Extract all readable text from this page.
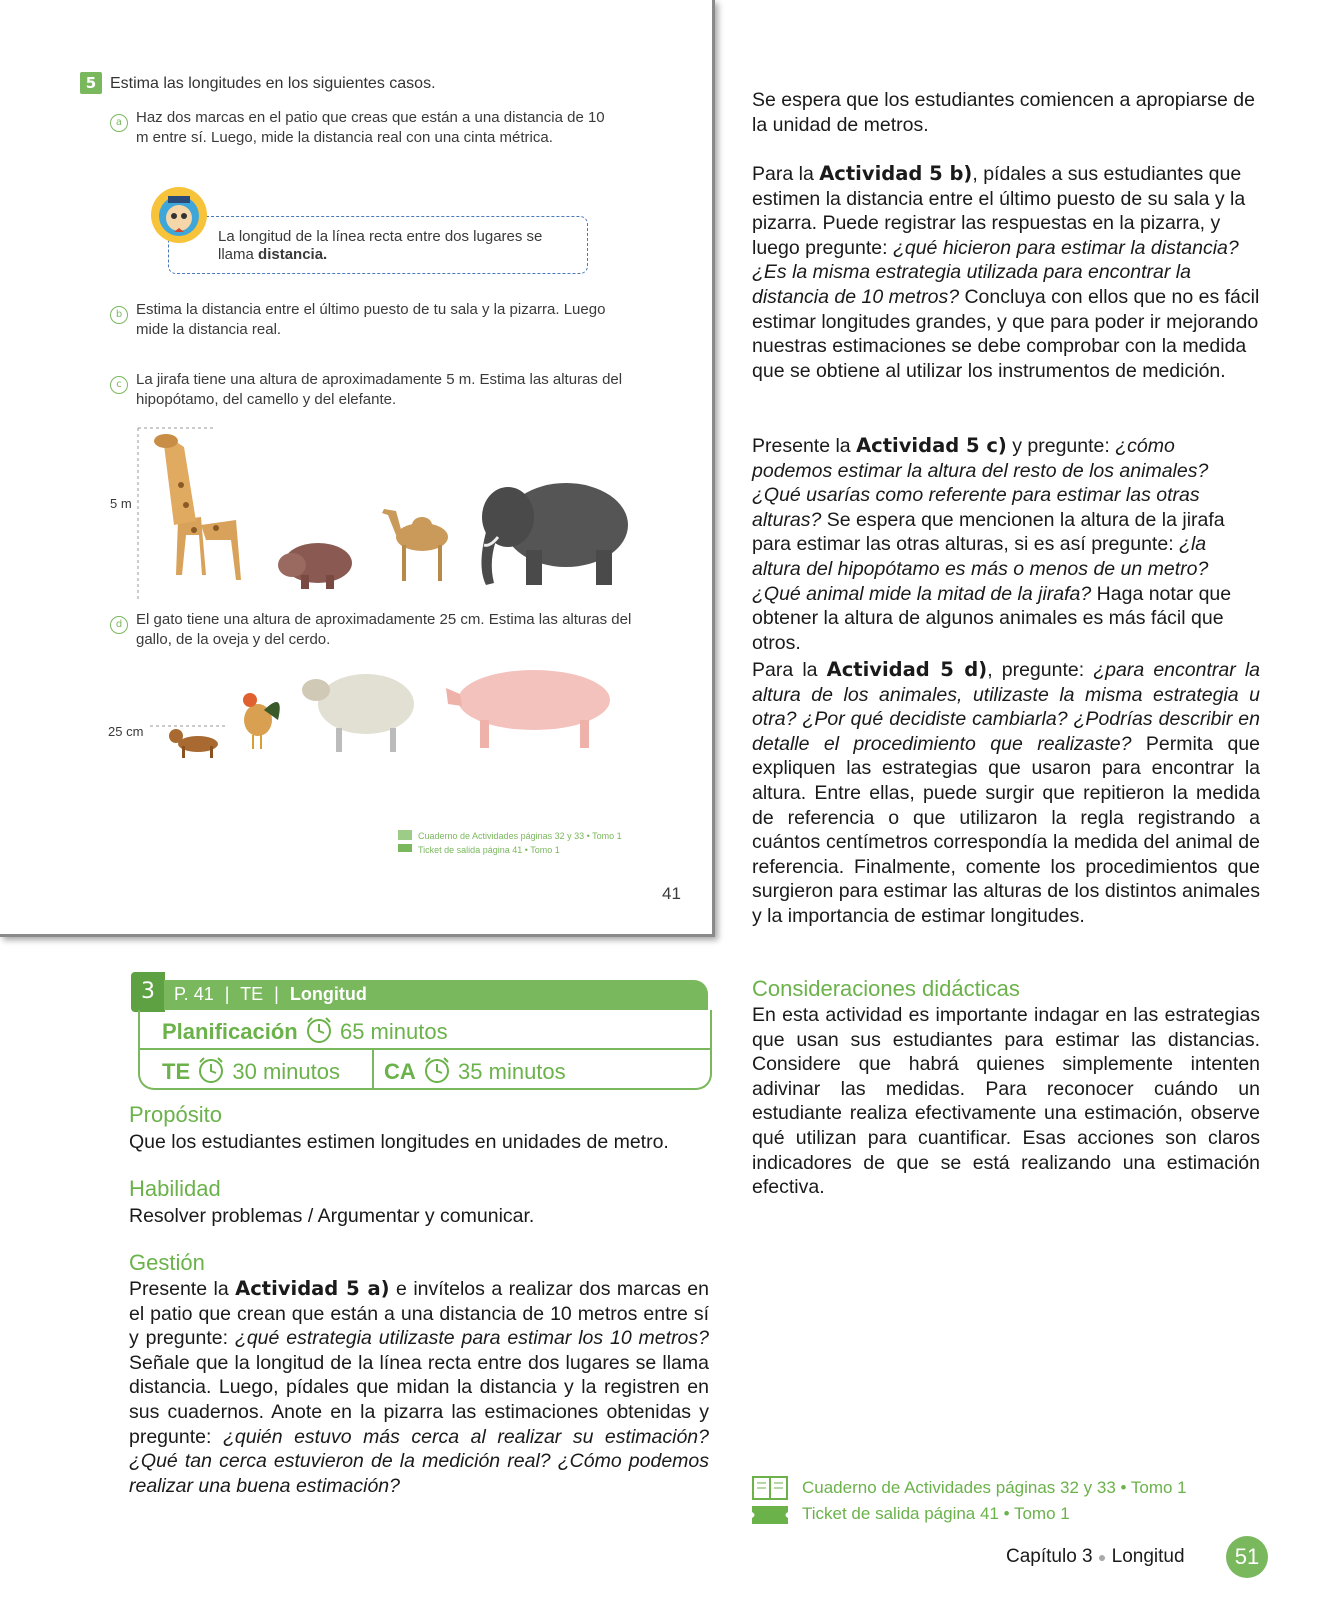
5 Estima las longitudes en los siguientes casos.
a Haz dos marcas en el patio que creas que están a una distancia de 10 m entre sí. Luego, mide la distancia real con una cinta métrica.
La longitud de la línea recta entre dos lugares se llama distancia.
b Estima la distancia entre el último puesto de tu sala y la pizarra. Luego mide la distancia real.
c La jirafa tiene una altura de aproximadamente 5 m. Estima las alturas del hipopótamo, del camello y del elefante.
5 m
d El gato tiene una altura de aproximadamente 25 cm. Estima las alturas del gallo, de la oveja y del cerdo.
25 cm
Cuaderno de Actividades páginas 32 y 33 • Tomo 1
Ticket de salida página 41 • Tomo 1
41
3	P. 41 | TE | Longitud
Planificación 65 minutos
TE 30 minutos CA 35 minutos
Propósito
Que los estudiantes estimen longitudes en unidades de metro.
Habilidad
Resolver problemas / Argumentar y comunicar.
Gestión
Presente la Actividad 5 a) e invítelos a realizar dos marcas en el patio que crean que están a una distancia de 10 metros entre sí y pregunte: ¿qué estrategia utilizaste para estimar los 10 metros? Señale que la longitud de la línea recta entre dos lugares se llama distancia. Luego, pídales que midan la distancia y la registren en sus cuadernos. Anote en la pizarra las estimaciones obtenidas y pregunte: ¿quién estuvo más cerca al realizar su estimación? ¿Qué tan cerca estuvieron de la medición real? ¿Cómo podemos realizar una buena estimación?
Se espera que los estudiantes comiencen a apropiarse de la unidad de metros.
Para la Actividad 5 b), pídales a sus estudiantes que estimen la distancia entre el último puesto de su sala y la pizarra. Puede registrar las respuestas en la pizarra, y luego pregunte: ¿qué hicieron para estimar la distancia? ¿Es la misma estrategia utilizada para encontrar la distancia de 10 metros? Concluya con ellos que no es fácil estimar longitudes grandes, y que para poder ir mejorando nuestras estimaciones se debe comprobar con la medida que se obtiene al utilizar los instrumentos de medición.
Presente la Actividad 5 c) y pregunte: ¿cómo podemos estimar la altura del resto de los animales? ¿Qué usarías como referente para estimar las otras alturas? Se espera que mencionen la altura de la jirafa para estimar las otras alturas, si es así pregunte: ¿la altura del hipopótamo es más o menos de un metro? ¿Qué animal mide la mitad de la jirafa? Haga notar que obtener la altura de algunos animales es más fácil que otros.
Para la Actividad 5 d), pregunte: ¿para encontrar la altura de los animales, utilizaste la misma estrategia u otra? ¿Por qué decidiste cambiarla? ¿Podrías describir en detalle el procedimiento que realizaste? Permita que expliquen las estrategias que usaron para encontrar la altura. Entre ellas, puede surgir que repitieron la medida de referencia o que utilizaron la regla registrando a cuántos centímetros correspondía la medida del animal de referencia. Finalmente, comente los procedimientos que surgieron para estimar las alturas de los distintos animales y la importancia de estimar longitudes.
Consideraciones didácticas
En esta actividad es importante indagar en las estrategias que usan sus estudiantes para estimar las distancias. Considere que habrá quienes simplemente intenten adivinar las medidas. Para reconocer cuándo un estudiante realiza efectivamente una estimación, observe qué utilizan para cuantificar. Esas acciones son claros indicadores de que se está realizando una estimación efectiva.
Cuaderno de Actividades páginas 32 y 33 • Tomo 1
Ticket de salida página 41 • Tomo 1
Capítulo 3 ● Longitud	51
